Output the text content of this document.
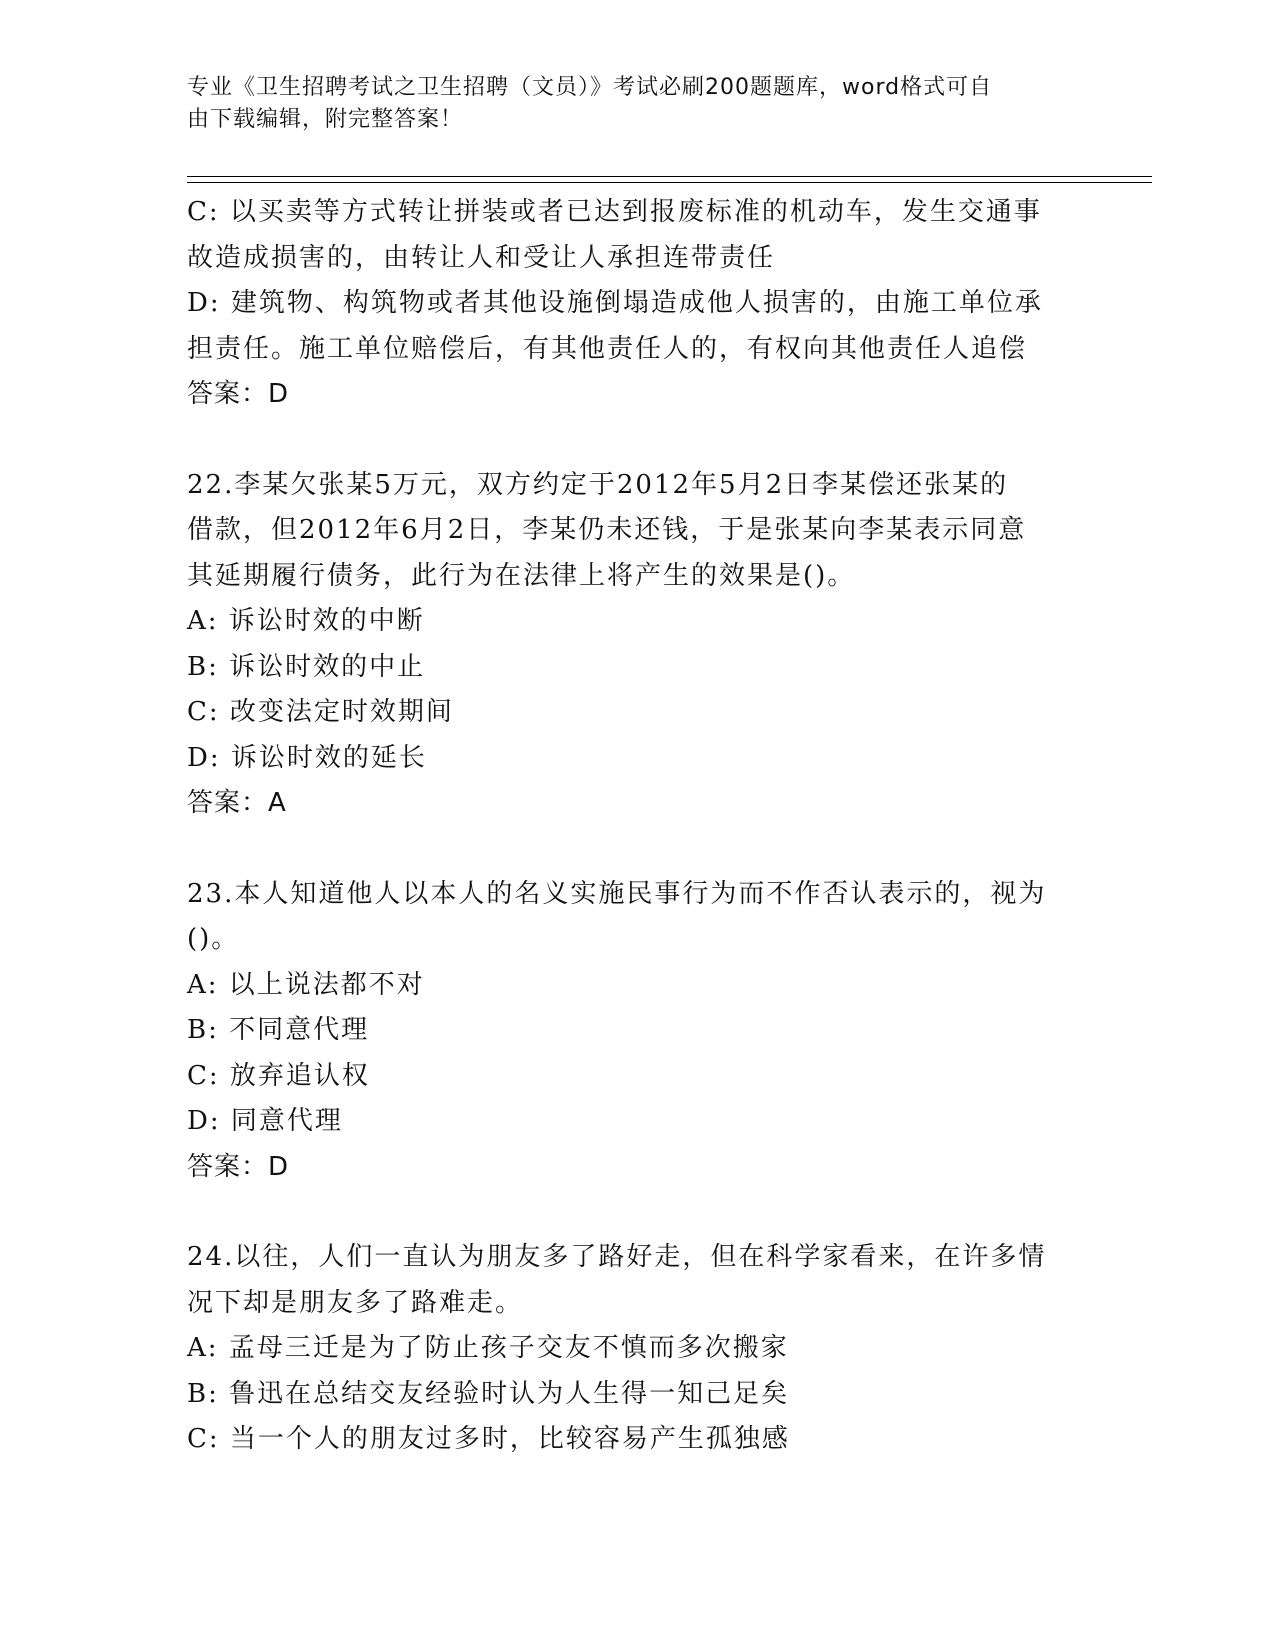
专业《卫生招聘考试之卫生招聘（文员）》考试必刷200题题库，word格式可自
由下载编辑，附完整答案！
C: 以买卖等方式转让拼装或者已达到报废标准的机动车，发生交通事
故造成损害的，由转让人和受让人承担连带责任
D: 建筑物、构筑物或者其他设施倒塌造成他人损害的，由施工单位承
担责任。施工单位赔偿后，有其他责任人的，有权向其他责任人追偿
答案：D
22.李某欠张某5万元，双方约定于2012年5月2日李某偿还张某的
借款，但2012年6月2日，李某仍未还钱，于是张某向李某表示同意
其延期履行债务，此行为在法律上将产生的效果是()。
A: 诉讼时效的中断
B: 诉讼时效的中止
C: 改变法定时效期间
D: 诉讼时效的延长
答案：A
23.本人知道他人以本人的名义实施民事行为而不作否认表示的，视为
()。
A: 以上说法都不对
B: 不同意代理
C: 放弃追认权
D: 同意代理
答案：D
24.以往，人们一直认为朋友多了路好走，但在科学家看来，在许多情
况下却是朋友多了路难走。
A: 孟母三迁是为了防止孩子交友不慎而多次搬家
B: 鲁迅在总结交友经验时认为人生得一知己足矣
C: 当一个人的朋友过多时，比较容易产生孤独感
